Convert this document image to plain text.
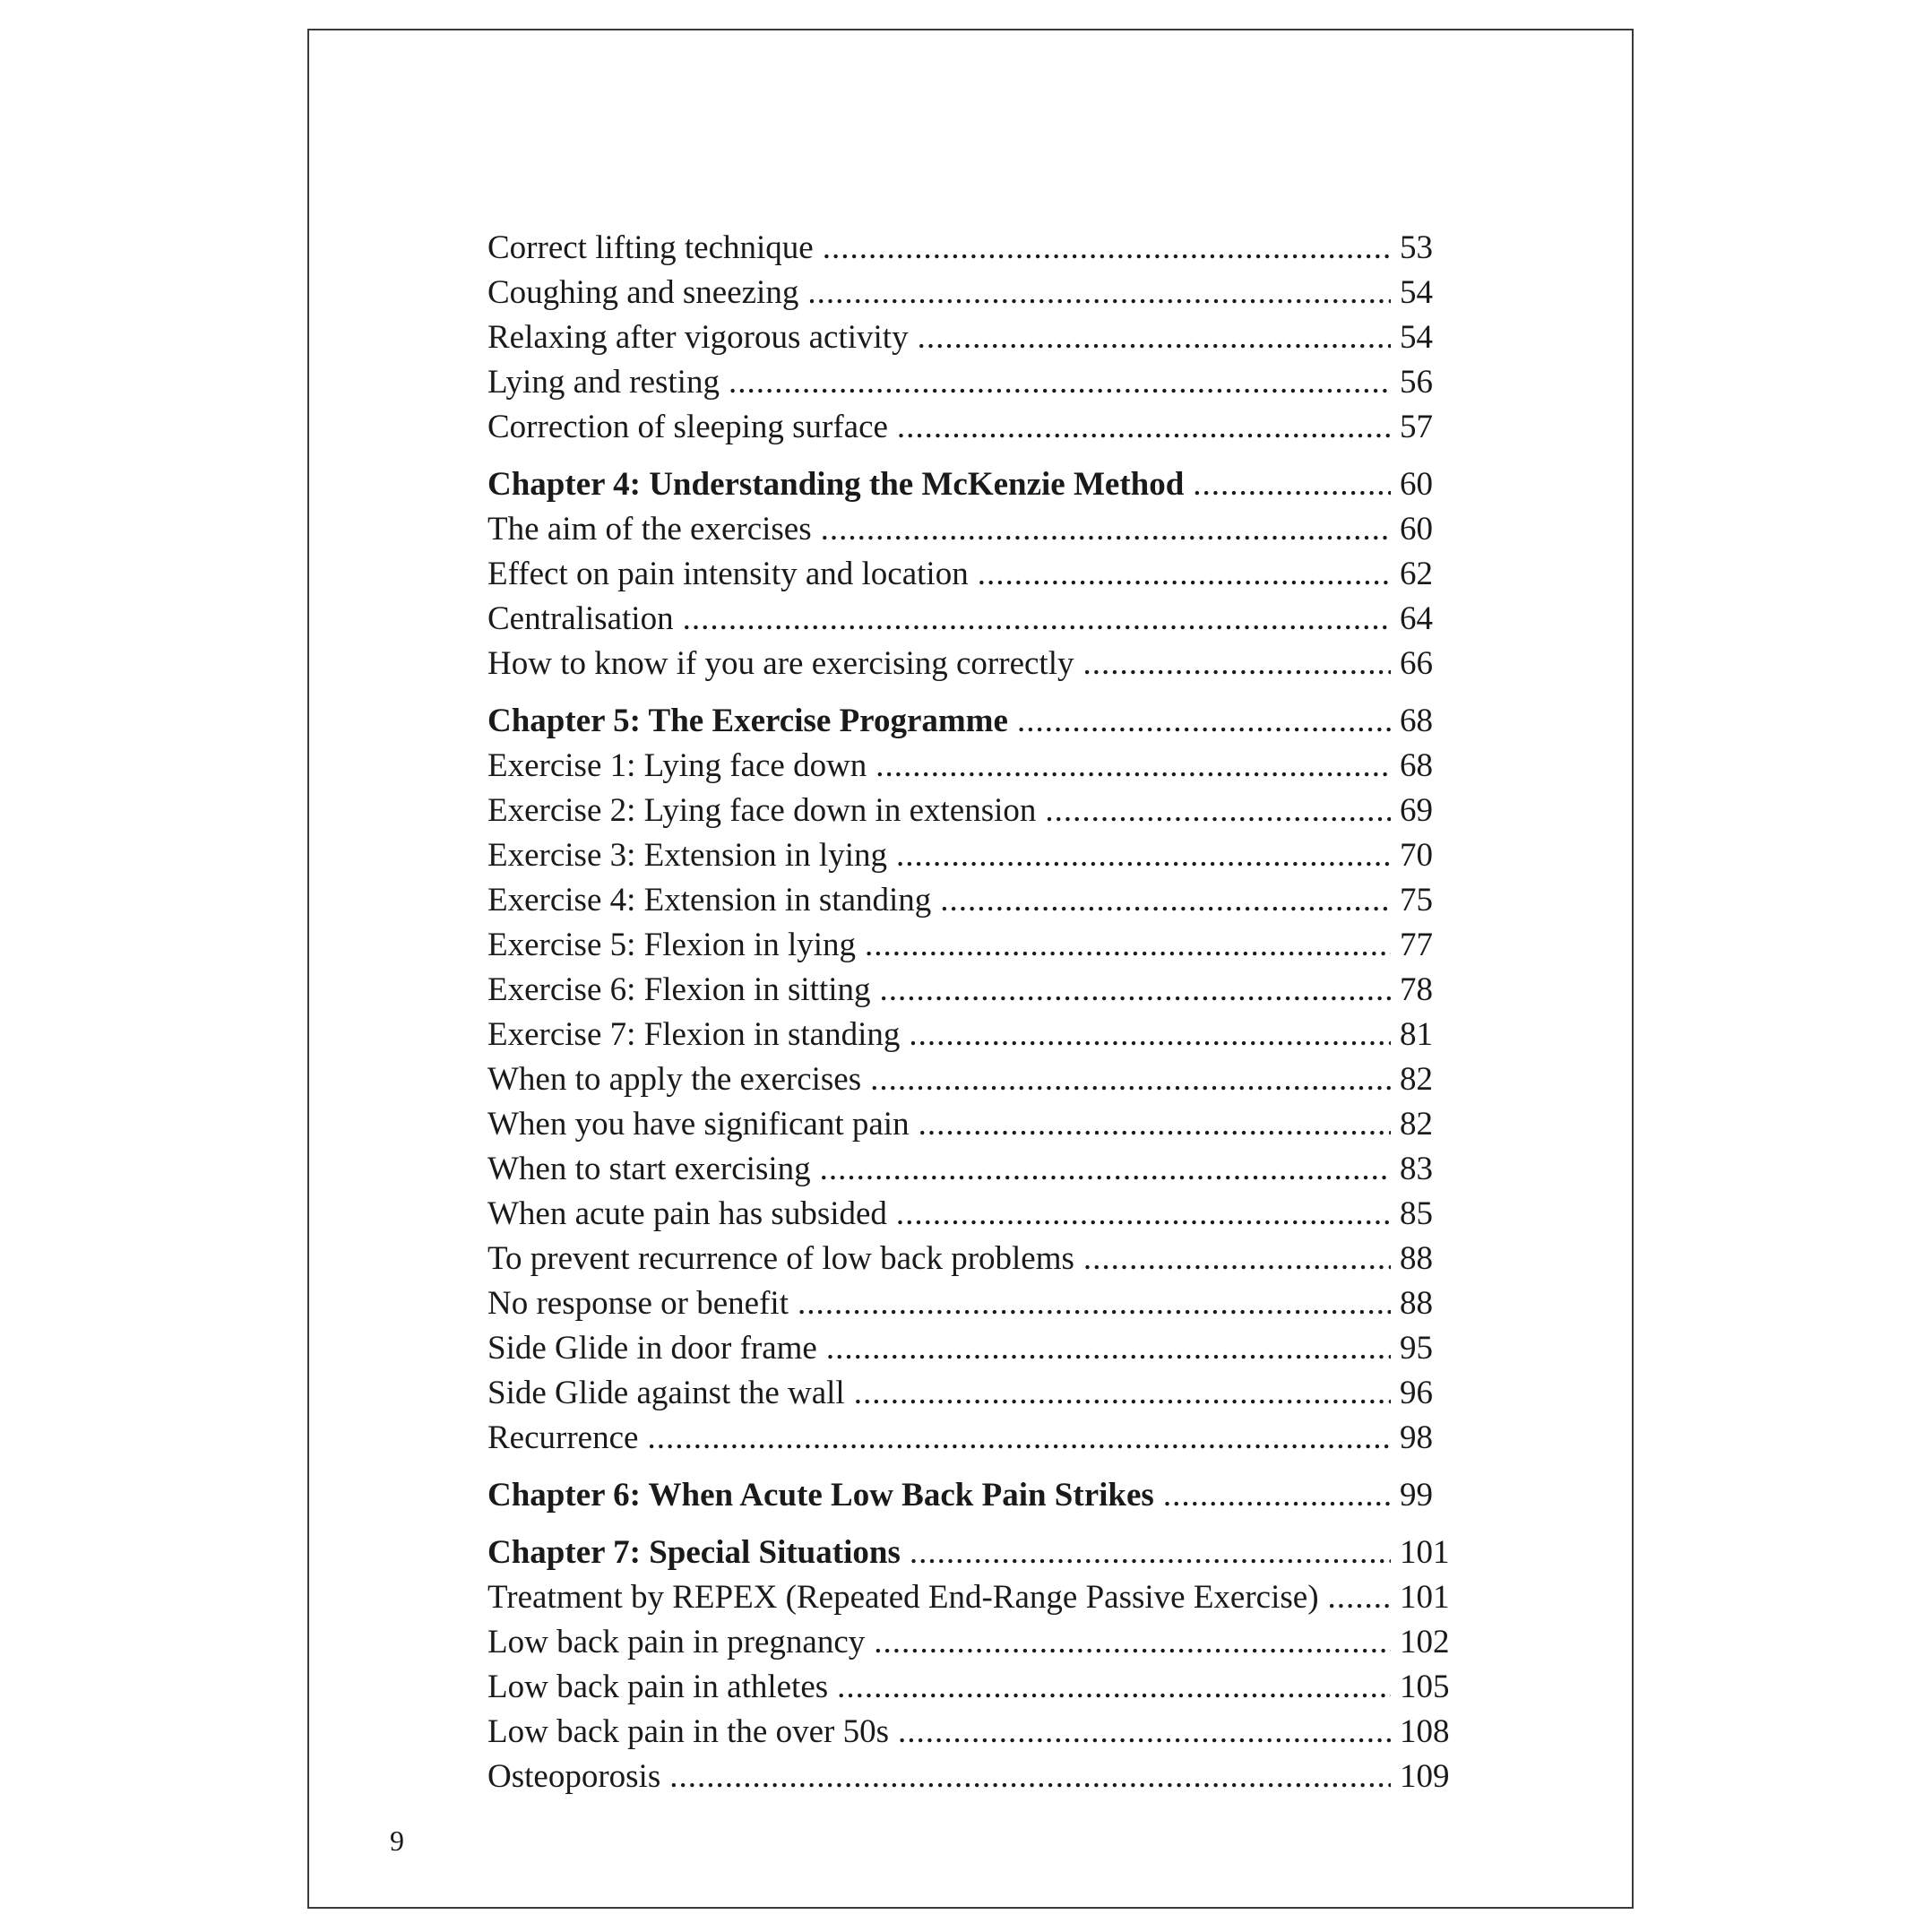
Correct lifting technique .....	53
Coughing and sneezing .....	54
Relaxing after vigorous activity .....	54
Lying and resting .....	56
Correction of sleeping surface .....	57
Chapter 4: Understanding the McKenzie Method .....	60
The aim of the exercises .....	60
Effect on pain intensity and location .....	62
Centralisation .....	64
How to know if you are exercising correctly .....	66
Chapter 5: The Exercise Programme .....	68
Exercise 1: Lying face down .....	68
Exercise 2: Lying face down in extension .....	69
Exercise 3: Extension in lying .....	70
Exercise 4: Extension in standing .....	75
Exercise 5: Flexion in lying .....	77
Exercise 6: Flexion in sitting .....	78
Exercise 7: Flexion in standing .....	81
When to apply the exercises .....	82
When you have significant pain .....	82
When to start exercising .....	83
When acute pain has subsided .....	85
To prevent recurrence of low back problems .....	88
No response or benefit .....	88
Side Glide in door frame .....	95
Side Glide against the wall .....	96
Recurrence .....	98
Chapter 6: When Acute Low Back Pain Strikes .....	99
Chapter 7: Special Situations .....	101
Treatment by REPEX (Repeated End-Range Passive Exercise) ..... 101
Low back pain in pregnancy .....	102
Low back pain in athletes .....	105
Low back pain in the over 50s .....	108
Osteoporosis .....	109
9
